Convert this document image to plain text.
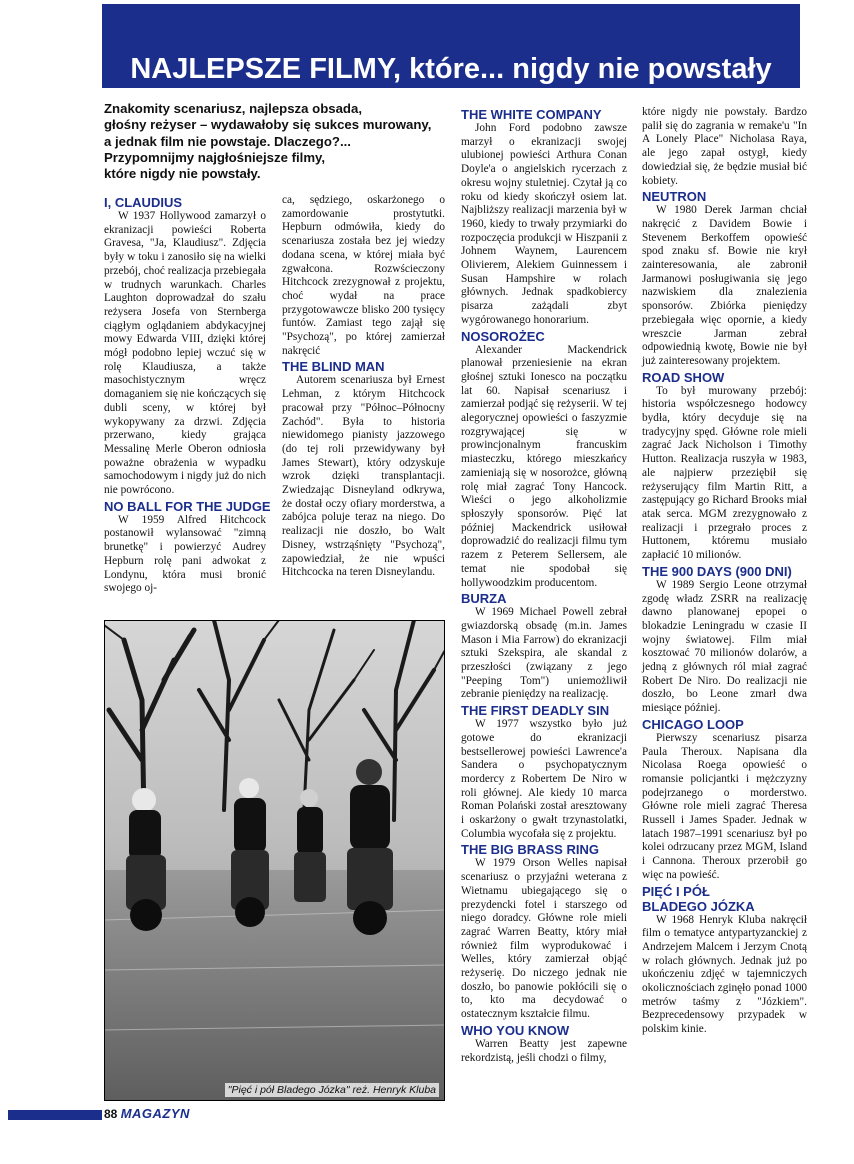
NAJLEPSZE FILMY, które... nigdy nie powstały
Znakomity scenariusz, najlepsza obsada,
głośny reżyser – wydawałoby się sukces murowany,
a jednak film nie powstaje. Dlaczego?...
Przypomnijmy najgłośniejsze filmy,
które nigdy nie powstały.
I, CLAUDIUS

W 1937 Hollywood zamarzył o ekranizacji powieści Roberta Gravesa, "Ja, Klaudiusz". Zdjęcia były w toku i zanosiło się na wielki przebój, choć realizacja przebiegała w trudnych warunkach. Charles Laughton doprowadzał do szału reżysera Josefa von Sternberga ciągłym oglądaniem abdykacyjnej mowy Edwarda VIII, dzięki której mógł podobno lepiej wczuć się w rolę Klaudiusza, a także masochistycznym wręcz domaganiem się nie kończących się dubli sceny, w której był wykopywany za drzwi. Zdjęcia przerwano, kiedy grająca Messalinę Merle Oberon odniosła poważne obrażenia w wypadku samochodowym i nigdy już do nich nie powrócono.

NO BALL FOR THE JUDGE

W 1959 Alfred Hitchcock postanowił wylansować "zimną brunetkę" i powierzyć Audrey Hepburn rolę pani adwokat z Londynu, która musi bronić swojego oj-

ca, sędziego, oskarżonego o zamordowanie prostytutki. Hepburn odmówiła, kiedy do scenariusza została bez jej wiedzy dodana scena, w której miała być zgwałcona. Rozwścieczony Hitchcock zrezygnował z projektu, choć wydał na prace przygotowawcze blisko 200 tysięcy funtów. Zamiast tego zajął się "Psychozą", po której zamierzał nakręcić

THE BLIND MAN

Autorem scenariusza był Ernest Lehman, z którym Hitchcock pracował przy "Północ–Północny Zachód". Była to historia niewidomego pianisty jazzowego (do tej roli przewidywany był James Stewart), który odzyskuje wzrok dzięki transplantacji. Zwiedzając Disneyland odkrywa, że dostał oczy ofiary morderstwa, a zabójca poluje teraz na niego. Do realizacji nie doszło, bo Walt Disney, wstrząśnięty "Psychozą", zapowiedział, że nie wpuści Hitchcocka na teren Disneylandu.

THE WHITE COMPANY

John Ford podobno zawsze marzył o ekranizacji swojej ulubionej powieści Arthura Conan Doyle'a o angielskich rycerzach z okresu wojny stuletniej. Czytał ją co roku od kiedy skończył osiem lat. Najbliższy realizacji marzenia był w 1960, kiedy to trwały przymiarki do rozpoczęcia produkcji w Hiszpanii z Johnem Waynem, Laurencem Olivierem, Alekiem Guinnessem i Susan Hampshire w rolach głównych. Jednak spadkobiercy pisarza zażądali zbyt wygórowanego honorarium.

NOSOROŻEC

Alexander Mackendrick planował przeniesienie na ekran głośnej sztuki Ionesco na początku lat 60. Napisał scenariusz i zamierzał podjąć się reżyserii. W tej alegorycznej opowieści o faszyzmie rozgrywającej się w prowincjonalnym francuskim miasteczku, którego mieszkańcy zamieniają się w nosorożce, główną rolę miał zagrać Tony Hancock. Wieści o jego alkoholizmie spłoszyły sponsorów. Pięć lat później Mackendrick usiłował doprowadzić do realizacji filmu tym razem z Peterem Sellersem, ale temat nie spodobał się hollywoodzkim producentom.

BURZA

W 1969 Michael Powell zebrał gwiazdorską obsadę (m.in. James Mason i Mia Farrow) do ekranizacji sztuki Szekspira, ale skandal z przeszłości (związany z jego "Peeping Tom") uniemożliwił zebranie pieniędzy na realizację.

THE FIRST DEADLY SIN

W 1977 wszystko było już gotowe do ekranizacji bestsellerowej powieści Lawrence'a Sandera o psychopatycznym mordercy z Robertem De Niro w roli głównej. Ale kiedy 10 marca Roman Polański został aresztowany i oskarżony o gwałt trzynastolatki, Columbia wycofała się z projektu.

THE BIG BRASS RING

W 1979 Orson Welles napisał scenariusz o przyjaźni weterana z Wietnamu ubiegającego się o prezydencki fotel i starszego od niego doradcy. Główne role mieli zagrać Warren Beatty, który miał również film wyprodukować i Welles, który zamierzał objąć reżyserię. Do niczego jednak nie doszło, bo panowie pokłócili się o to, kto ma decydować o ostatecznym kształcie filmu.

WHO YOU KNOW

Warren Beatty jest zapewne rekordzistą, jeśli chodzi o filmy,

które nigdy nie powstały. Bardzo palił się do zagrania w remake'u "In A Lonely Place" Nicholasa Raya, ale jego zapał ostygł, kiedy dowiedział się, że będzie musiał bić kobiety.

NEUTRON

W 1980 Derek Jarman chciał nakręcić z Davidem Bowie i Stevenem Berkoffem opowieść spod znaku sf. Bowie nie krył zainteresowania, ale zabronił Jarmanowi posługiwania się jego nazwiskiem dla znalezienia sponsorów. Zbiórka pieniędzy przebiegała więc opornie, a kiedy wreszcie Jarman zebrał odpowiednią kwotę, Bowie nie był już zainteresowany projektem.

ROAD SHOW

To był murowany przebój: historia współczesnego hodowcy bydła, który decyduje się na tradycyjny spęd. Główne role mieli zagrać Jack Nicholson i Timothy Hutton. Realizacja ruszyła w 1983, ale najpierw przeziębił się reżyserujący film Martin Ritt, a zastępujący go Richard Brooks miał atak serca. MGM zrezygnowało z realizacji i przegrało proces z Huttonem, któremu musiało zapłacić 10 milionów.

THE 900 DAYS (900 DNI)

W 1989 Sergio Leone otrzymał zgodę władz ZSRR na realizację dawno planowanej epopei o blokadzie Leningradu w czasie II wojny światowej. Film miał kosztować 70 milionów dolarów, a jedną z głównych ról miał zagrać Robert De Niro. Do realizacji nie doszło, bo Leone zmarł dwa miesiące później.

CHICAGO LOOP

Pierwszy scenariusz pisarza Paula Theroux. Napisana dla Nicolasa Roega opowieść o romansie policjantki i mężczyzny podejrzanego o morderstwo. Główne role mieli zagrać Theresa Russell i James Spader. Jednak w latach 1987–1991 scenariusz był po kolei odrzucany przez MGM, Island i Cannona. Theroux przerobił go więc na powieść.

PIĘĆ I PÓŁ
BLADEGO JÓZKA

W 1968 Henryk Kluba nakręcił film o tematyce antypartyzanckiej z Andrzejem Malcem i Jerzym Cnotą w rolach głównych. Jednak już po ukończeniu zdjęć w tajemniczych okolicznościach zginęło ponad 1000 metrów taśmy z "Józkiem". Bezprecedensowy przypadek w polskim kinie.

"Pięć i pół Bladego Józka" reż. Henryk Kluba
88 MAGAZYN
